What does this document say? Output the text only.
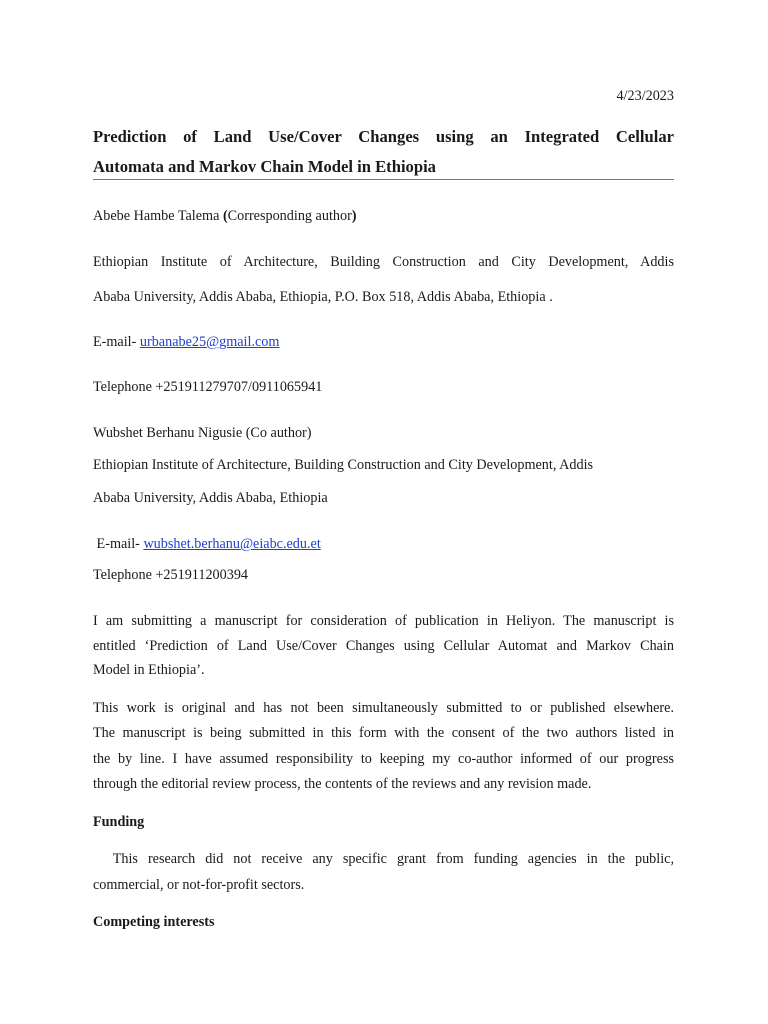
4/23/2023
Prediction of Land Use/Cover Changes using an Integrated Cellular
Automata and Markov Chain Model in Ethiopia
Abebe Hambe Talema (Corresponding author)
Ethiopian Institute of Architecture, Building Construction and City Development, Addis
Ababa University, Addis Ababa, Ethiopia, P.O. Box 518, Addis Ababa, Ethiopia .
E-mail- urbanabe25@gmail.com
Telephone +251911279707/0911065941
Wubshet Berhanu Nigusie (Co author)
Ethiopian Institute of Architecture, Building Construction and City Development, Addis
Ababa University, Addis Ababa, Ethiopia
E-mail- wubshet.berhanu@eiabc.edu.et
Telephone +251911200394
I am submitting a manuscript for consideration of publication in Heliyon. The manuscript is
entitled ‘Prediction of Land Use/Cover Changes using Cellular Automat and Markov Chain
Model in Ethiopia’.
This work is original and has not been simultaneously submitted to or published elsewhere.
The manuscript is being submitted in this form with the consent of the two authors listed in
the by line. I have assumed responsibility to keeping my co-author informed of our progress
through the editorial review process, the contents of the reviews and any revision made.
Funding
This research did not receive any specific grant from funding agencies in the public,
commercial, or not-for-profit sectors.
Competing interests
